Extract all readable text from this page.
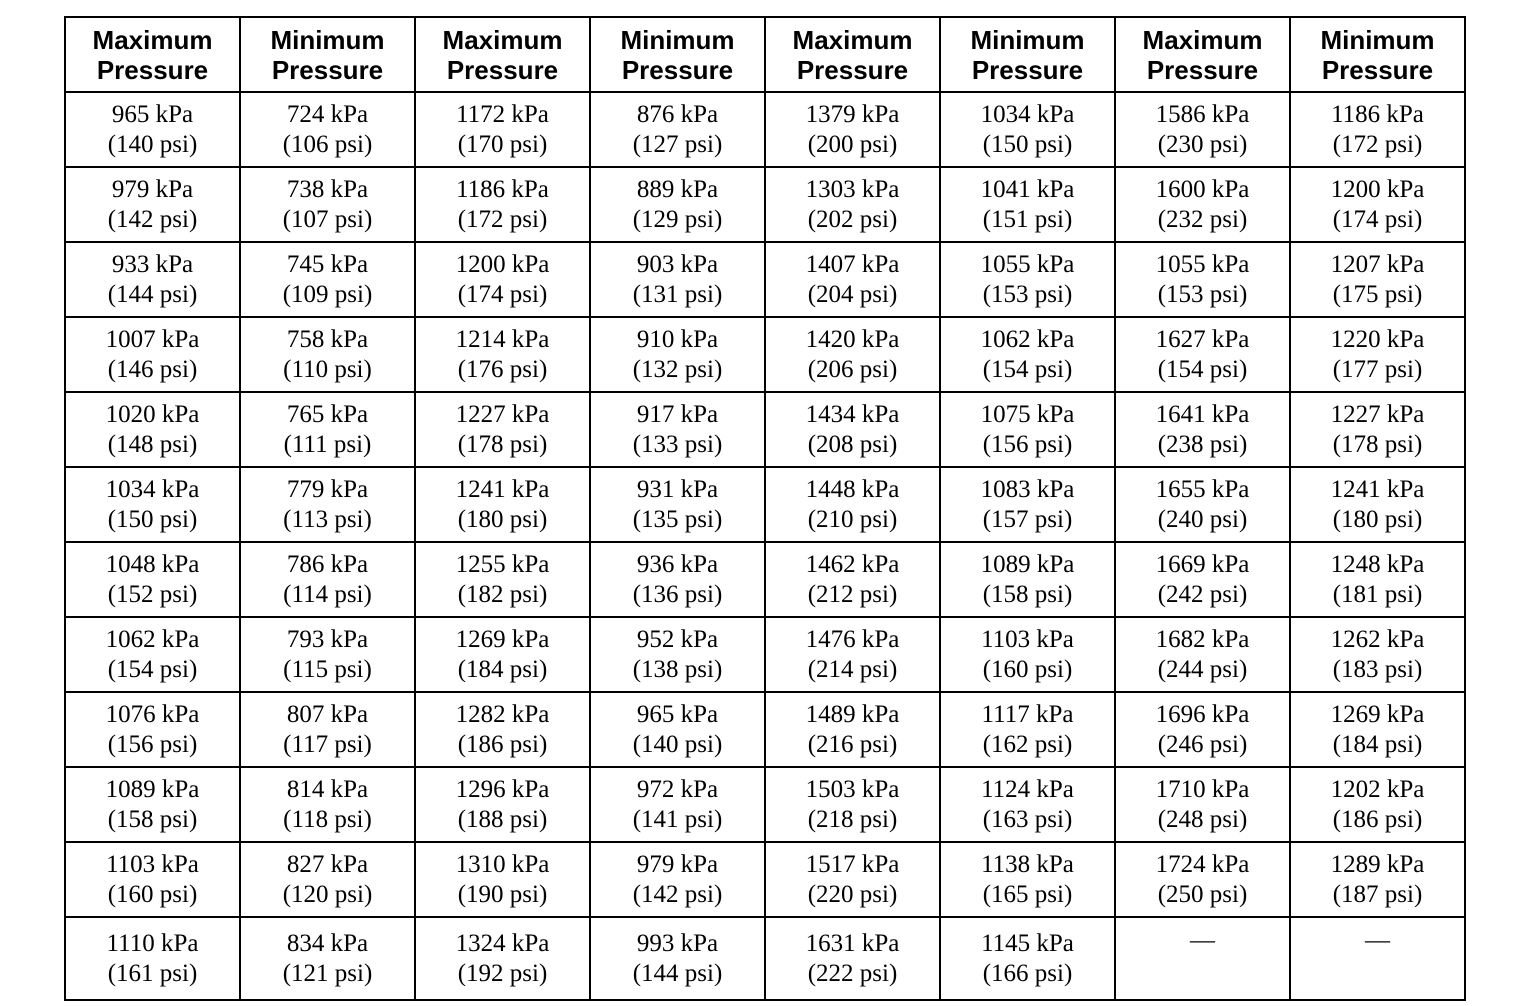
Maximum
Pressure	Minimum
Pressure	Maximum
Pressure	Minimum
Pressure	Maximum
Pressure	Minimum
Pressure	Maximum
Pressure	Minimum
Pressure

965 kPa
(140 psi)	724 kPa
(106 psi)	1172 kPa
(170 psi)	876 kPa
(127 psi)	1379 kPa
(200 psi)	1034 kPa
(150 psi)	1586 kPa
(230 psi)	1186 kPa
(172 psi)

979 kPa
(142 psi)	738 kPa
(107 psi)	1186 kPa
(172 psi)	889 kPa
(129 psi)	1303 kPa
(202 psi)	1041 kPa
(151 psi)	1600 kPa
(232 psi)	1200 kPa
(174 psi)

933 kPa
(144 psi)	745 kPa
(109 psi)	1200 kPa
(174 psi)	903 kPa
(131 psi)	1407 kPa
(204 psi)	1055 kPa
(153 psi)	1055 kPa
(153 psi)	1207 kPa
(175 psi)

1007 kPa
(146 psi)	758 kPa
(110 psi)	1214 kPa
(176 psi)	910 kPa
(132 psi)	1420 kPa
(206 psi)	1062 kPa
(154 psi)	1627 kPa
(154 psi)	1220 kPa
(177 psi)

1020 kPa
(148 psi)	765 kPa
(111 psi)	1227 kPa
(178 psi)	917 kPa
(133 psi)	1434 kPa
(208 psi)	1075 kPa
(156 psi)	1641 kPa
(238 psi)	1227 kPa
(178 psi)

1034 kPa
(150 psi)	779 kPa
(113 psi)	1241 kPa
(180 psi)	931 kPa
(135 psi)	1448 kPa
(210 psi)	1083 kPa
(157 psi)	1655 kPa
(240 psi)	1241 kPa
(180 psi)

1048 kPa
(152 psi)	786 kPa
(114 psi)	1255 kPa
(182 psi)	936 kPa
(136 psi)	1462 kPa
(212 psi)	1089 kPa
(158 psi)	1669 kPa
(242 psi)	1248 kPa
(181 psi)

1062 kPa
(154 psi)	793 kPa
(115 psi)	1269 kPa
(184 psi)	952 kPa
(138 psi)	1476 kPa
(214 psi)	1103 kPa
(160 psi)	1682 kPa
(244 psi)	1262 kPa
(183 psi)

1076 kPa
(156 psi)	807 kPa
(117 psi)	1282 kPa
(186 psi)	965 kPa
(140 psi)	1489 kPa
(216 psi)	1117 kPa
(162 psi)	1696 kPa
(246 psi)	1269 kPa
(184 psi)

1089 kPa
(158 psi)	814 kPa
(118 psi)	1296 kPa
(188 psi)	972 kPa
(141 psi)	1503 kPa
(218 psi)	1124 kPa
(163 psi)	1710 kPa
(248 psi)	1202 kPa
(186 psi)

1103 kPa
(160 psi)	827 kPa
(120 psi)	1310 kPa
(190 psi)	979 kPa
(142 psi)	1517 kPa
(220 psi)	1138 kPa
(165 psi)	1724 kPa
(250 psi)	1289 kPa
(187 psi)

1110 kPa
(161 psi)	834 kPa
(121 psi)	1324 kPa
(192 psi)	993 kPa
(144 psi)	1631 kPa
(222 psi)	1145 kPa
(166 psi)	—	—
